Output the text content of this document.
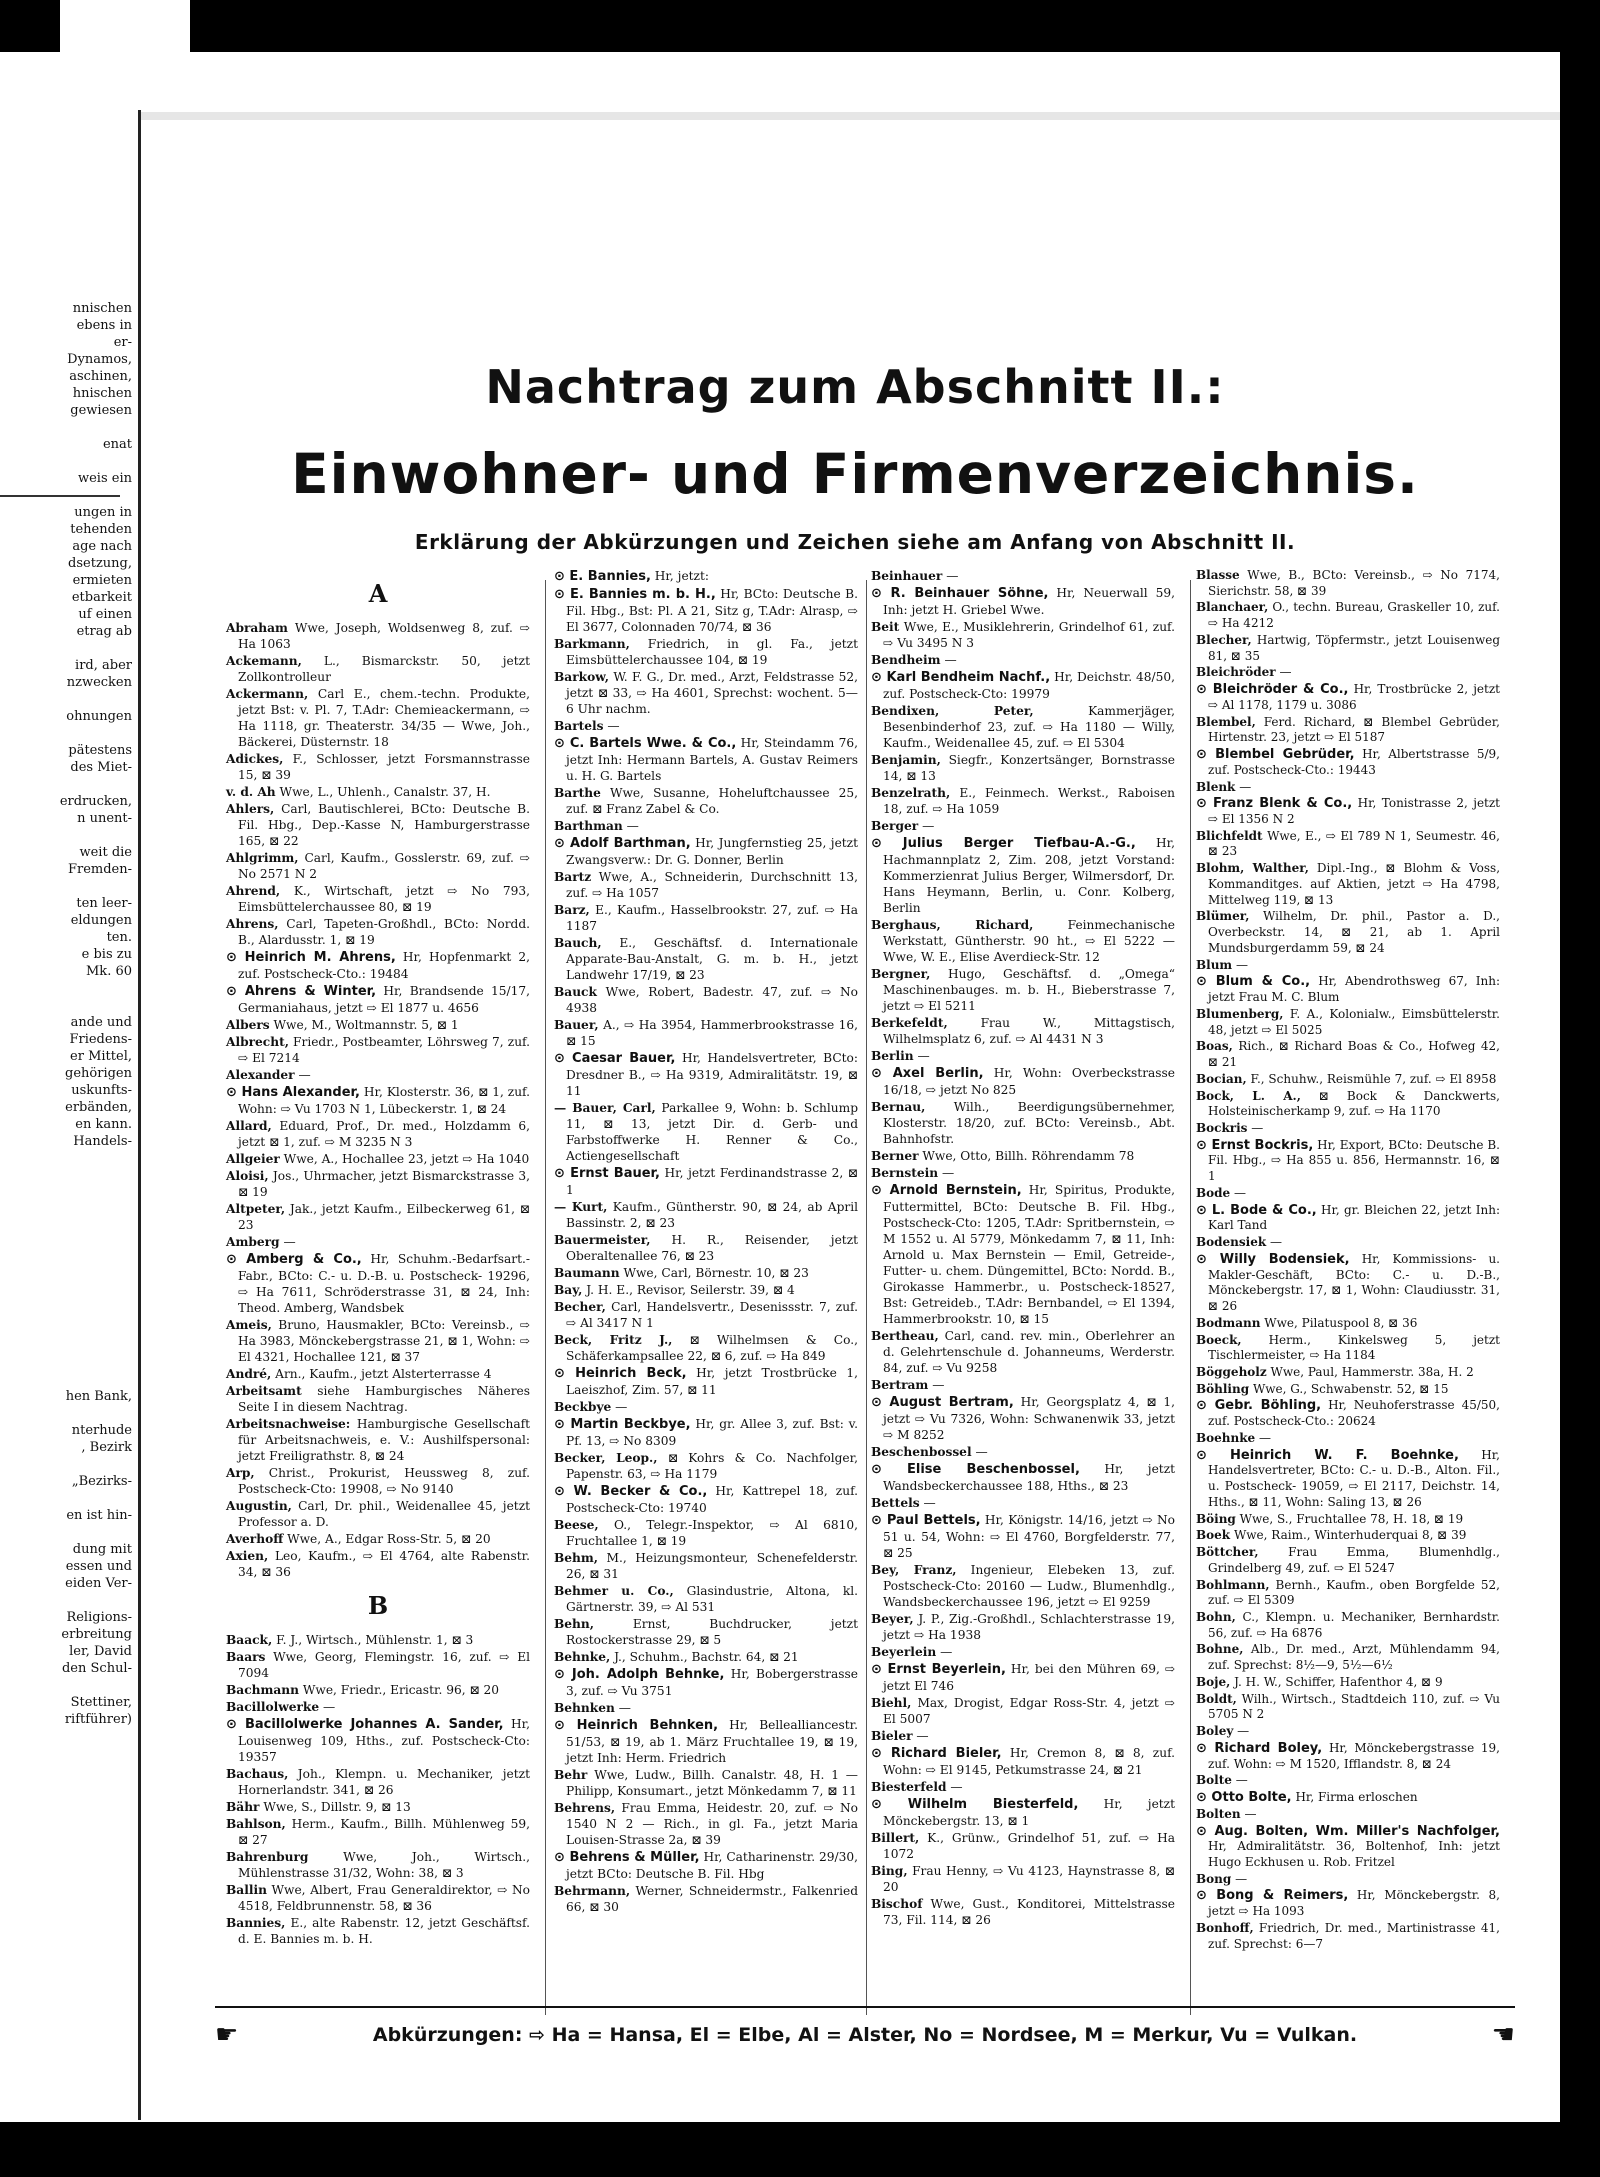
nnischen
ebens in
er-
Dynamos,
aschinen,
hnischen
gewiesen
enat
weis ein
ungen in
tehenden
age nach
dsetzung,
ermieten
etbarkeit
uf einen
etrag ab
ird, aber
nzwecken
ohnungen
pätestens
des Miet-
erdrucken,
n unent-
weit die
Fremden-
ten leer-
eldungen
ten.
e bis zu
Mk. 60
ande und
Friedens-
er Mittel,
gehörigen
uskunfts-
erbänden,
en kann.
Handels-
hen Bank,
nterhude
, Bezirk
„Bezirks-
en ist hin-
dung mit
essen und
eiden Ver-
Religions-
erbreitung
ler, David
den Schul-
Stettiner,
riftführer)
Nachtrag zum Abschnitt II.:
Einwohner- und Firmenverzeichnis.
Erklärung der Abkürzungen und Zeichen siehe am Anfang von Abschnitt II.
A
Abraham Wwe, Joseph, Woldsenweg 8, zuf. ⇨ Ha 1063
Ackemann, L., Bismarckstr. 50, jetzt Zollkontrolleur
Ackermann, Carl E., chem.-techn. Produkte, jetzt Bst: v. Pl. 7, T.Adr: Chemieackermann, ⇨ Ha 1118, gr. Theaterstr. 34/35 — Wwe, Joh., Bäckerei, Düsternstr. 18
Adickes, F., Schlosser, jetzt Forsmannstrasse 15, ⊠ 39
v. d. Ah Wwe, L., Uhlenh., Canalstr. 37, H.
Ahlers, Carl, Bautischlerei, BCto: Deutsche B. Fil. Hbg., Dep.-Kasse N, Hamburgerstrasse 165, ⊠ 22
Ahlgrimm, Carl, Kaufm., Gosslerstr. 69, zuf. ⇨ No 2571 N 2
Ahrend, K., Wirtschaft, jetzt ⇨ No 793, Eimsbüttelerchaussee 80, ⊠ 19
Ahrens, Carl, Tapeten-Großhdl., BCto: Nordd. B., Alardusstr. 1, ⊠ 19
⊙ Heinrich M. Ahrens, Hr, Hopfenmarkt 2, zuf. Postscheck-Cto.: 19484
⊙ Ahrens & Winter, Hr, Brandsende 15/17, Germaniahaus, jetzt ⇨ El 1877 u. 4656
Albers Wwe, M., Woltmannstr. 5, ⊠ 1
Albrecht, Friedr., Postbeamter, Löhrsweg 7, zuf. ⇨ El 7214
Alexander —
⊙ Hans Alexander, Hr, Klosterstr. 36, ⊠ 1, zuf. Wohn: ⇨ Vu 1703 N 1, Lübeckerstr. 1, ⊠ 24
Allard, Eduard, Prof., Dr. med., Holzdamm 6, jetzt ⊠ 1, zuf. ⇨ M 3235 N 3
Allgeier Wwe, A., Hochallee 23, jetzt ⇨ Ha 1040
Aloisi, Jos., Uhrmacher, jetzt Bismarckstrasse 3, ⊠ 19
Altpeter, Jak., jetzt Kaufm., Eilbeckerweg 61, ⊠ 23
Amberg —
⊙ Amberg & Co., Hr, Schuhm.-Bedarfsart.-Fabr., BCto: C.- u. D.-B. u. Postscheck- 19296, ⇨ Ha 7611, Schröderstrasse 31, ⊠ 24, Inh: Theod. Amberg, Wandsbek
Ameis, Bruno, Hausmakler, BCto: Vereinsb., ⇨ Ha 3983, Mönckebergstrasse 21, ⊠ 1, Wohn: ⇨ El 4321, Hochallee 121, ⊠ 37
André, Arn., Kaufm., jetzt Alsterterrasse 4
Arbeitsamt siehe Hamburgisches Näheres Seite I in diesem Nachtrag.
Arbeitsnachweise: Hamburgische Gesellschaft für Arbeitsnachweis, e. V.: Aushilfspersonal: jetzt Freiligrathstr. 8, ⊠ 24
Arp, Christ., Prokurist, Heussweg 8, zuf. Postscheck-Cto: 19908, ⇨ No 9140
Augustin, Carl, Dr. phil., Weidenallee 45, jetzt Professor a. D.
Averhoff Wwe, A., Edgar Ross-Str. 5, ⊠ 20
Axien, Leo, Kaufm., ⇨ El 4764, alte Rabenstr. 34, ⊠ 36
B
Baack, F. J., Wirtsch., Mühlenstr. 1, ⊠ 3
Baars Wwe, Georg, Flemingstr. 16, zuf. ⇨ El 7094
Bachmann Wwe, Friedr., Ericastr. 96, ⊠ 20
Bacillolwerke —
⊙ Bacillolwerke Johannes A. Sander, Hr, Louisenweg 109, Hths., zuf. Postscheck-Cto: 19357
Bachaus, Joh., Klempn. u. Mechaniker, jetzt Hornerlandstr. 341, ⊠ 26
Bähr Wwe, S., Dillstr. 9, ⊠ 13
Bahlson, Herm., Kaufm., Billh. Mühlenweg 59, ⊠ 27
Bahrenburg	Wwe, Joh., Wirtsch., Mühlenstrasse 31/32, Wohn: 38, ⊠ 3
Ballin Wwe, Albert, Frau Generaldirektor, ⇨ No 4518, Feldbrunnenstr. 58, ⊠ 36
Bannies, E., alte Rabenstr. 12, jetzt Geschäftsf. d. E. Bannies m. b. H.
⊙ E. Bannies, Hr, jetzt:
⊙ E. Bannies m. b. H., Hr, BCto: Deutsche B. Fil. Hbg., Bst: Pl. A 21, Sitz g, T.Adr: Alrasp, ⇨ El 3677, Colonnaden 70/74, ⊠ 36
Barkmann, Friedrich, in gl. Fa., jetzt Eimsbüttelerchaussee 104, ⊠ 19
Barkow, W. F. G., Dr. med., Arzt, Feldstrasse 52, jetzt ⊠ 33, ⇨ Ha 4601, Sprechst: wochent. 5—6 Uhr nachm.
Bartels —
⊙ C. Bartels Wwe. & Co., Hr, Steindamm 76, jetzt Inh: Hermann Bartels, A. Gustav Reimers u. H. G. Bartels
Barthe Wwe, Susanne, Hoheluftchaussee 25, zuf. ⊠ Franz Zabel & Co.
Barthman —
⊙ Adolf Barthman, Hr, Jungfernstieg 25, jetzt Zwangsverw.: Dr. G. Donner, Berlin
Bartz Wwe, A., Schneiderin, Durchschnitt 13, zuf. ⇨ Ha 1057
Barz, E., Kaufm., Hasselbrookstr. 27, zuf. ⇨ Ha 1187
Bauch, E., Geschäftsf. d. Internationale Apparate-Bau-Anstalt, G. m. b. H., jetzt Landwehr 17/19, ⊠ 23
Bauck Wwe, Robert, Badestr. 47, zuf. ⇨ No 4938
Bauer, A., ⇨ Ha 3954, Hammerbrookstrasse 16, ⊠ 15
⊙ Caesar Bauer, Hr, Handelsvertreter, BCto: Dresdner B., ⇨ Ha 9319, Admiralitätstr. 19, ⊠ 11
— Bauer, Carl, Parkallee 9, Wohn: b. Schlump 11, ⊠ 13, jetzt Dir. d. Gerb- und Farbstoffwerke H. Renner & Co., Actiengesellschaft
⊙ Ernst Bauer, Hr, jetzt Ferdinandstrasse 2, ⊠ 1
— Kurt, Kaufm., Güntherstr. 90, ⊠ 24, ab April Bassinstr. 2, ⊠ 23
Bauermeister, H. R., Reisender, jetzt Oberaltenallee 76, ⊠ 23
Baumann Wwe, Carl, Börnestr. 10, ⊠ 23
Bay, J. H. E., Revisor, Seilerstr. 39, ⊠ 4
Becher, Carl, Handelsvertr., Desenissstr. 7, zuf. ⇨ Al 3417 N 1
Beck, Fritz J., ⊠ Wilhelmsen & Co., Schäferkampsallee 22, ⊠ 6, zuf. ⇨ Ha 849
⊙ Heinrich Beck, Hr, jetzt Trostbrücke 1, Laeiszhof, Zim. 57, ⊠ 11
Beckbye —
⊙ Martin Beckbye, Hr, gr. Allee 3, zuf. Bst: v. Pf. 13, ⇨ No 8309
Becker, Leop., ⊠ Kohrs & Co. Nachfolger, Papenstr. 63, ⇨ Ha 1179
⊙ W. Becker & Co., Hr, Kattrepel 18, zuf. Postscheck-Cto: 19740
Beese, O., Telegr.-Inspektor, ⇨ Al 6810, Fruchtallee 1, ⊠ 19
Behm, M., Heizungsmonteur, Schenefelderstr. 26, ⊠ 31
Behmer u. Co., Glasindustrie, Altona, kl. Gärtnerstr. 39, ⇨ Al 531
Behn,	Ernst, Buchdrucker, jetzt Rostockerstrasse 29, ⊠ 5
Behnke, J., Schuhm., Bachstr. 64, ⊠ 21
⊙ Joh. Adolph Behnke, Hr, Bobergerstrasse 3, zuf. ⇨ Vu 3751
Behnken —
⊙ Heinrich Behnken, Hr, Bellealliancestr. 51/53, ⊠ 19, ab 1. März Fruchtallee 19, ⊠ 19, jetzt Inh: Herm. Friedrich
Behr Wwe, Ludw., Billh. Canalstr. 48, H. 1 — Philipp, Konsumart., jetzt Mönkedamm 7, ⊠ 11
Behrens, Frau Emma, Heidestr. 20, zuf. ⇨ No 1540 N 2 — Rich., in gl. Fa., jetzt Maria Louisen-Strasse 2a, ⊠ 39
⊙ Behrens & Müller, Hr, Catharinenstr. 29/30, jetzt BCto: Deutsche B. Fil. Hbg
Behrmann, Werner, Schneidermstr., Falkenried 66, ⊠ 30
Beinhauer —
⊙ R. Beinhauer Söhne, Hr, Neuerwall 59, Inh: jetzt H. Griebel Wwe.
Beit Wwe, E., Musiklehrerin, Grindelhof 61, zuf. ⇨ Vu 3495 N 3
Bendheim —
⊙ Karl Bendheim Nachf., Hr, Deichstr. 48/50, zuf. Postscheck-Cto: 19979
Bendixen, Peter,	Kammerjäger, Besenbinderhof 23, zuf. ⇨ Ha 1180 — Willy, Kaufm., Weidenallee 45, zuf. ⇨ El 5304
Benjamin, Siegfr., Konzertsänger, Bornstrasse 14, ⊠ 13
Benzelrath, E., Feinmech. Werkst., Raboisen 18, zuf. ⇨ Ha 1059
Berger —
⊙ Julius Berger Tiefbau-A.-G., Hr, Hachmannplatz 2, Zim. 208, jetzt Vorstand: Kommerzienrat Julius Berger, Wilmersdorf, Dr. Hans Heymann, Berlin, u. Conr. Kolberg, Berlin
Berghaus, Richard,	Feinmechanische Werkstatt, Güntherstr. 90 ht., ⇨ El 5222 — Wwe, W. E., Elise Averdieck-Str. 12
Bergner, Hugo, Geschäftsf. d. „Omega“ Maschinenbauges. m. b. H., Bieberstrasse 7, jetzt ⇨ El 5211
Berkefeldt,	Frau W., Mittagstisch, Wilhelmsplatz 6, zuf. ⇨ Al 4431 N 3
Berlin —
⊙ Axel Berlin, Hr, Wohn: Overbeckstrasse 16/18, ⇨ jetzt No 825
Bernau, Wilh., Beerdigungsübernehmer, Klosterstr. 18/20, zuf. BCto: Vereinsb., Abt. Bahnhofstr.
Berner Wwe, Otto, Billh. Röhrendamm 78
Bernstein —
⊙ Arnold Bernstein, Hr, Spiritus, Produkte, Futtermittel, BCto: Deutsche B. Fil. Hbg., Postscheck-Cto: 1205, T.Adr: Spritbernstein, ⇨ M 1552 u. Al 5779, Mönkedamm 7, ⊠ 11, Inh: Arnold u. Max Bernstein — Emil, Getreide-, Futter- u. chem. Düngemittel, BCto: Nordd. B., Girokasse Hammerbr., u. Postscheck-18527, Bst: Getreideb., T.Adr: Bernbandel, ⇨ El 1394, Hammerbrookstr. 10, ⊠ 15
Bertheau, Carl, cand. rev. min., Oberlehrer an d. Gelehrtenschule d. Johanneums, Werderstr. 84, zuf. ⇨ Vu 9258
Bertram —
⊙ August Bertram, Hr, Georgsplatz 4, ⊠ 1, jetzt ⇨ Vu 7326, Wohn: Schwanenwik 33, jetzt ⇨ M 8252
Beschenbossel —
⊙ Elise Beschenbossel, Hr, jetzt Wandsbeckerchaussee 188, Hths., ⊠ 23
Bettels —
⊙ Paul Bettels, Hr, Königstr. 14/16, jetzt ⇨ No 51 u. 54, Wohn: ⇨ El 4760, Borgfelderstr. 77, ⊠ 25
Bey, Franz, Ingenieur, Elebeken 13, zuf. Postscheck-Cto: 20160 — Ludw., Blumenhdlg., Wandsbeckerchaussee 196, jetzt ⇨ El 9259
Beyer, J. P., Zig.-Großhdl., Schlachterstrasse 19, jetzt ⇨ Ha 1938
Beyerlein —
⊙ Ernst Beyerlein, Hr, bei den Mühren 69, ⇨ jetzt El 746
Biehl, Max, Drogist, Edgar Ross-Str. 4, jetzt ⇨ El 5007
Bieler —
⊙ Richard Bieler, Hr, Cremon 8, ⊠ 8, zuf. Wohn: ⇨ El 9145, Petkumstrasse 24, ⊠ 21
Biesterfeld —
⊙ Wilhelm Biesterfeld, Hr, jetzt Mönckebergstr. 13, ⊠ 1
Billert, K., Grünw., Grindelhof 51, zuf. ⇨ Ha 1072
Bing, Frau Henny, ⇨ Vu 4123, Haynstrasse 8, ⊠ 20
Bischof Wwe, Gust., Konditorei, Mittelstrasse 73, Fil. 114, ⊠ 26
Blasse Wwe, B., BCto: Vereinsb., ⇨ No 7174, Sierichstr. 58, ⊠ 39
Blanchaer, O., techn. Bureau, Graskeller 10, zuf. ⇨ Ha 4212
Blecher, Hartwig, Töpfermstr., jetzt Louisenweg 81, ⊠ 35
Bleichröder —
⊙ Bleichröder & Co., Hr, Trostbrücke 2, jetzt ⇨ Al 1178, 1179 u. 3086
Blembel, Ferd. Richard, ⊠ Blembel Gebrüder, Hirtenstr. 23, jetzt ⇨ El 5187
⊙ Blembel Gebrüder, Hr, Albertstrasse 5/9, zuf. Postscheck-Cto.: 19443
Blenk —
⊙ Franz Blenk & Co., Hr, Tonistrasse 2, jetzt ⇨ El 1356 N 2
Blichfeldt Wwe, E., ⇨ El 789 N 1, Seumestr. 46, ⊠ 23
Blohm, Walther, Dipl.-Ing., ⊠ Blohm & Voss, Kommanditges. auf Aktien, jetzt ⇨ Ha 4798, Mittelweg 119, ⊠ 13
Blümer, Wilhelm, Dr. phil., Pastor a. D., Overbeckstr. 14, ⊠ 21, ab 1. April Mundsburgerdamm 59, ⊠ 24
Blum —
⊙ Blum & Co., Hr, Abendrothsweg 67, Inh: jetzt Frau M. C. Blum
Blumenberg, F. A., Kolonialw., Eimsbüttelerstr. 48, jetzt ⇨ El 5025
Boas, Rich., ⊠ Richard Boas & Co., Hofweg 42, ⊠ 21
Bocian, F., Schuhw., Reismühle 7, zuf. ⇨ El 8958
Bock, L. A., ⊠ Bock & Danckwerts, Holsteinischerkamp 9, zuf. ⇨ Ha 1170
Bockris —
⊙ Ernst Bockris, Hr, Export, BCto: Deutsche B. Fil. Hbg., ⇨ Ha 855 u. 856, Hermannstr. 16, ⊠ 1
Bode —
⊙ L. Bode & Co., Hr, gr. Bleichen 22, jetzt Inh: Karl Tand
Bodensiek —
⊙ Willy Bodensiek, Hr, Kommissions- u. Makler-Geschäft, BCto: C.- u. D.-B., Mönckebergstr. 17, ⊠ 1, Wohn: Claudiusstr. 31, ⊠ 26
Bodmann Wwe, Pilatuspool 8, ⊠ 36
Boeck, Herm., Kinkelsweg 5, jetzt Tischlermeister, ⇨ Ha 1184
Böggeholz Wwe, Paul, Hammerstr. 38a, H. 2
Böhling Wwe, G., Schwabenstr. 52, ⊠ 15
⊙ Gebr. Böhling, Hr, Neuhoferstrasse 45/50, zuf. Postscheck-Cto.: 20624
Boehnke —
⊙ Heinrich W. F. Boehnke, Hr, Handelsvertreter, BCto: C.- u. D.-B., Alton. Fil., u. Postscheck- 19059, ⇨ El 2117, Deichstr. 14, Hths., ⊠ 11, Wohn: Saling 13, ⊠ 26
Böing Wwe, S., Fruchtallee 78, H. 18, ⊠ 19
Boek Wwe, Raim., Winterhuderquai 8, ⊠ 39
Böttcher, Frau Emma, Blumenhdlg., Grindelberg 49, zuf. ⇨ El 5247
Bohlmann, Bernh., Kaufm., oben Borgfelde 52, zuf. ⇨ El 5309
Bohn, C., Klempn. u. Mechaniker, Bernhardstr. 56, zuf. ⇨ Ha 6876
Bohne, Alb., Dr. med., Arzt, Mühlendamm 94, zuf. Sprechst: 8½—9, 5½—6½
Boje, J. H. W., Schiffer, Hafenthor 4, ⊠ 9
Boldt, Wilh., Wirtsch., Stadtdeich 110, zuf. ⇨ Vu 5705 N 2
Boley —
⊙ Richard Boley, Hr, Mönckebergstrasse 19, zuf. Wohn: ⇨ M 1520, Ifflandstr. 8, ⊠ 24
Bolte —
⊙ Otto Bolte, Hr, Firma erloschen
Bolten —
⊙ Aug. Bolten, Wm. Miller's Nachfolger, Hr, Admiralitätstr. 36, Boltenhof, Inh: jetzt Hugo Eckhusen u. Rob. Fritzel
Bong —
⊙ Bong & Reimers, Hr, Mönckebergstr. 8, jetzt ⇨ Ha 1093
Bonhoff, Friedrich, Dr. med., Martinistrasse 41, zuf. Sprechst: 6—7
☛	Abkürzungen: ⇨ Ha = Hansa, El = Elbe, Al = Alster, No = Nordsee, M = Merkur, Vu = Vulkan.	☚
